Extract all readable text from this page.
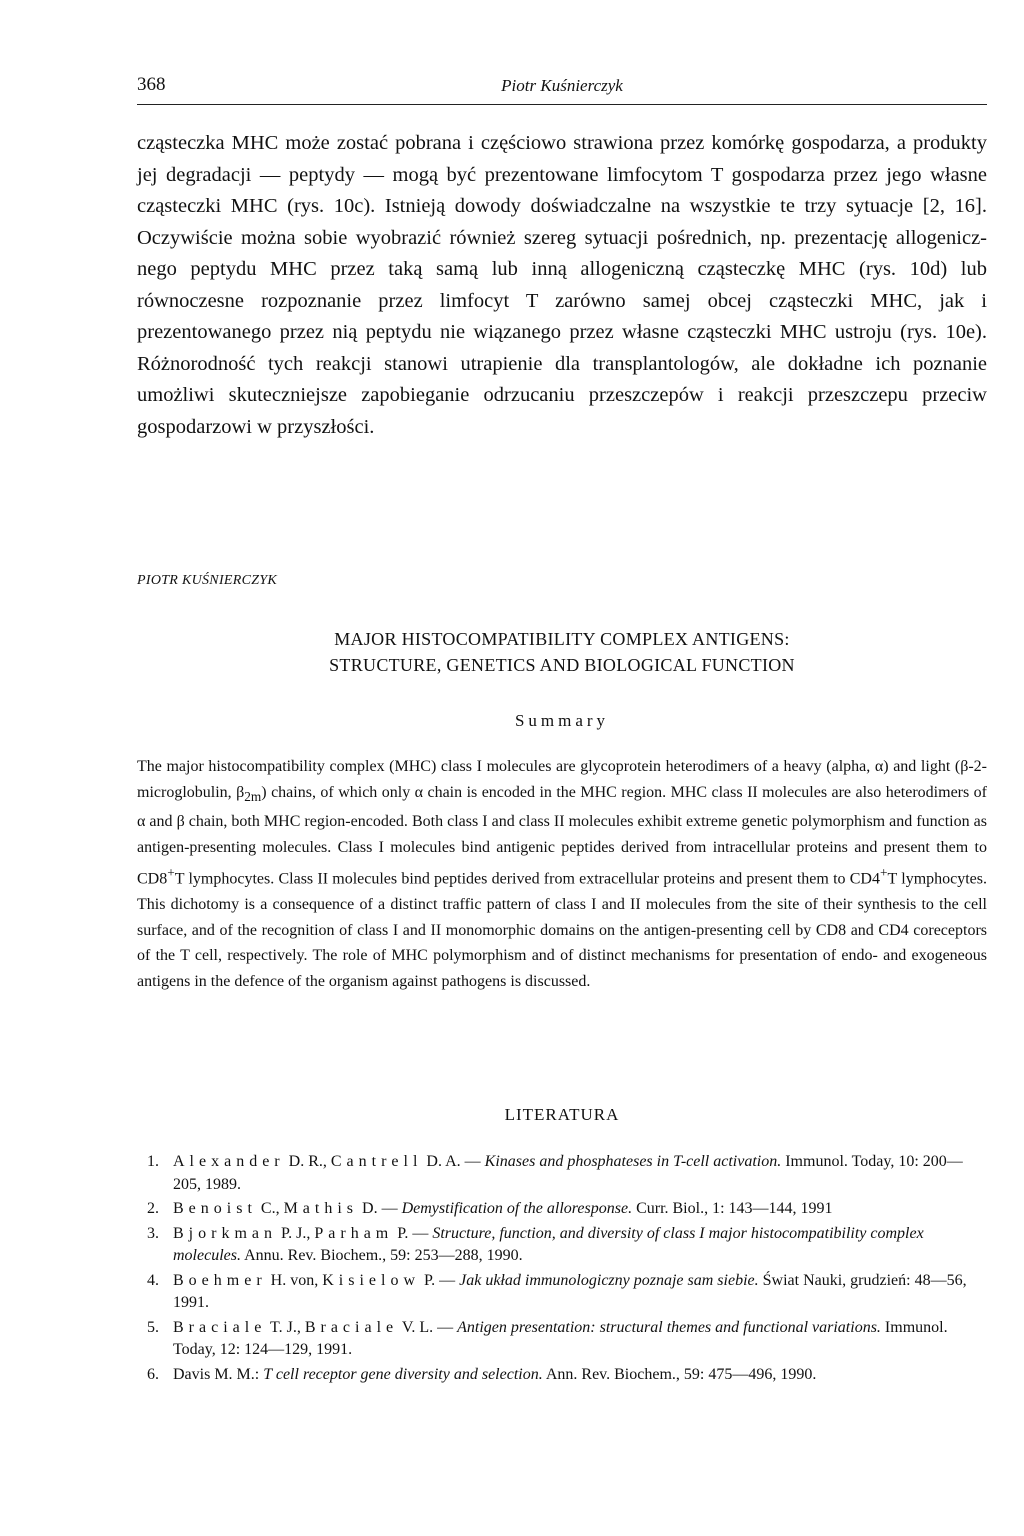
368	Piotr Kuśnierczyk

cząsteczka MHC może zostać pobrana i częściowo strawiona przez komórkę gospodarza, a produkty jej degradacji — peptydy — mogą być prezentowane limfocytom T gospodarza przez jego własne cząsteczki MHC (rys. 10c). Istnieją dowody doświadczalne na wszystkie te trzy sytuacje [2, 16]. Oczywiście można sobie wyobrazić również szereg sytuacji pośrednich, np. prezentację allogenicznego peptydu MHC przez taką samą lub inną allogeniczną cząsteczkę MHC (rys. 10d) lub równoczesne rozpoznanie przez limfocyt T zarówno samej obcej cząsteczki MHC, jak i prezentowanego przez nią peptydu nie wiązanego przez własne cząsteczki MHC ustroju (rys. 10e). Różnorodność tych reakcji stanowi utrapienie dla transplantologów, ale dokładne ich poznanie umożliwi skuteczniejsze zapobieganie odrzucaniu przeszczepów i reakcji przeszczepu przeciw gospodarzowi w przyszłości.

PIOTR KUŚNIERCZYK

MAJOR HISTOCOMPATIBILITY COMPLEX ANTIGENS:
STRUCTURE, GENETICS AND BIOLOGICAL FUNCTION
Summary

The major histocompatibility complex (MHC) class I molecules are glycoprotein heterodimers of a heavy (alpha, α) and light (β-2-microglobulin, $\beta_{2m}$) chains, of which only α chain is encoded in the MHC region. MHC class II molecules are also heterodimers of α and β chain, both MHC region-encoded. Both class I and class II molecules exhibit extreme genetic polymorphism and function as antigen-presenting molecules. Class I molecules bind antigenic peptides derived from intracellular proteins and present them to CD8+T lymphocytes. Class II molecules bind peptides derived from extracellular proteins and present them to CD4+T lymphocytes. This dichotomy is a consequence of a distinct traffic pattern of class I and II molecules from the site of their synthesis to the cell surface, and of the recognition of class I and II monomorphic domains on the antigen-presenting cell by CD8 and CD4 coreceptors of the T cell, respectively. The role of MHC polymorphism and of distinct mechanisms for presentation of endo- and exogeneous antigens in the defence of the organism against pathogens is discussed.

LITERATURA
1. Alexander D. R., Cantrell D. A. — Kinases and phosphateses in T-cell activation. Immunol. Today, 10: 200—205, 1989.
2. Benoist C., Mathis D. — Demystification of the alloresponse. Curr. Biol., 1: 143—144, 1991
3. Bjorkman P. J., Parham P. — Structure, function, and diversity of class I major histocompatibility complex molecules. Annu. Rev. Biochem., 59: 253—288, 1990.
4. Boehmer H. von, Kisielow P. — Jak układ immunologiczny poznaje sam siebie. Świat Nauki, grudzień: 48—56, 1991.
5. Braciale T. J., Braciale V. L. — Antigen presentation: structural themes and functional variations. Immunol. Today, 12: 124—129, 1991.
6. Davis M. M.: T cell receptor gene diversity and selection. Ann. Rev. Biochem., 59: 475—496, 1990.
